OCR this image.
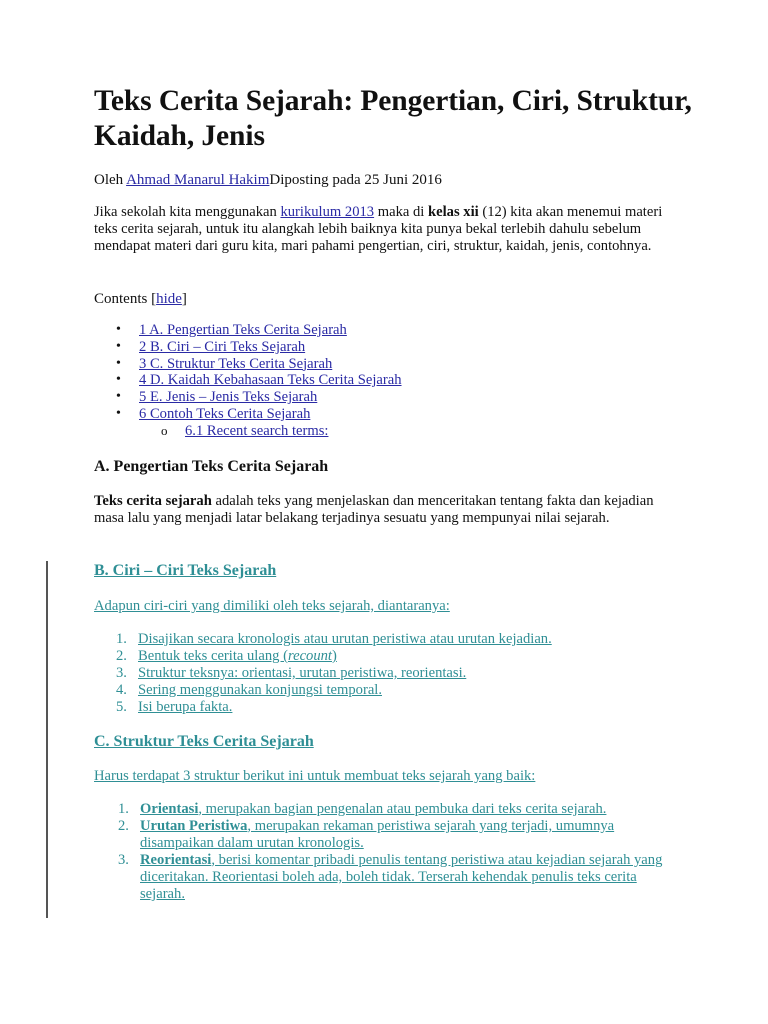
Teks Cerita Sejarah: Pengertian, Ciri, Struktur, Kaidah, Jenis
Oleh Ahmad Manarul HakimDiposting pada 25 Juni 2016

Jika sekolah kita menggunakan kurikulum 2013 maka di kelas xii (12) kita akan menemui materi teks cerita sejarah, untuk itu alangkah lebih baiknya kita punya bekal terlebih dahulu sebelum mendapat materi dari guru kita, mari pahami pengertian, ciri, struktur, kaidah, jenis, contohnya.

Contents [hide]
• 1 A. Pengertian Teks Cerita Sejarah
• 2 B. Ciri – Ciri Teks Sejarah
• 3 C. Struktur Teks Cerita Sejarah
• 4 D. Kaidah Kebahasaan Teks Cerita Sejarah
• 5 E. Jenis – Jenis Teks Sejarah
• 6 Contoh Teks Cerita Sejarah
o 6.1 Recent search terms:
A. Pengertian Teks Cerita Sejarah

Teks cerita sejarah adalah teks yang menjelaskan dan menceritakan tentang fakta dan kejadian masa lalu yang menjadi latar belakang terjadinya sesuatu yang mempunyai nilai sejarah.

B. Ciri – Ciri Teks Sejarah

Adapun ciri-ciri yang dimiliki oleh teks sejarah, diantaranya:

1. Disajikan secara kronologis atau urutan peristiwa atau urutan kejadian.
2. Bentuk teks cerita ulang (recount)
3. Struktur teksnya: orientasi, urutan peristiwa, reorientasi.
4. Sering menggunakan konjungsi temporal.
5. Isi berupa fakta.
C. Struktur Teks Cerita Sejarah

Harus terdapat 3 struktur berikut ini untuk membuat teks sejarah yang baik:

1. Orientasi, merupakan bagian pengenalan atau pembuka dari teks cerita sejarah.
2. Urutan Peristiwa, merupakan rekaman peristiwa sejarah yang terjadi, umumnya disampaikan dalam urutan kronologis.
3. Reorientasi, berisi komentar pribadi penulis tentang peristiwa atau kejadian sejarah yang diceritakan. Reorientasi boleh ada, boleh tidak. Terserah kehendak penulis teks cerita sejarah.
